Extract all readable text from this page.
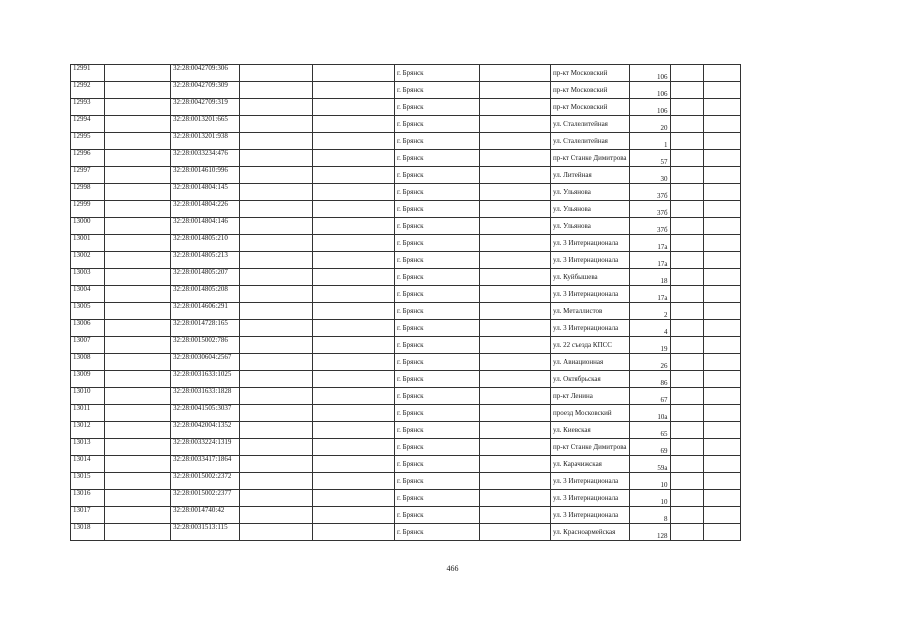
12991		32:28:0042709:306			г. Брянск		пр-кт Московский	106		
12992		32:28:0042709:309			г. Брянск		пр-кт Московский	106		
12993		32:28:0042709:319			г. Брянск		пр-кт Московский	106		
12994		32:28:0013201:665			г. Брянск		ул. Сталелитейная	20		
12995		32:28:0013201:938			г. Брянск		ул. Сталелитейная	1		
12996		32:28:0033234:476			г. Брянск		пр-кт Станке Димитрова	57		
12997		32:28:0014610:996			г. Брянск		ул. Литейная	30		
12998		32:28:0014804:145			г. Брянск		ул. Ульянова	37б		
12999		32:28:0014804:226			г. Брянск		ул. Ульянова	37б		
13000		32:28:0014804:146			г. Брянск		ул. Ульянова	37б		
13001		32:28:0014805:210			г. Брянск		ул. 3 Интернационала	17а		
13002		32:28:0014805:213			г. Брянск		ул. 3 Интернационала	17а		
13003		32:28:0014805:207			г. Брянск		ул. Куйбышева	18		
13004		32:28:0014805:208			г. Брянск		ул. 3 Интернационала	17а		
13005		32:28:0014606:291			г. Брянск		ул. Металлистов	2		
13006		32:28:0014728:165			г. Брянск		ул. 3 Интернационала	4		
13007		32:28:0015002:786			г. Брянск		ул. 22 съезда КПСС	19		
13008		32:28:0030604:2567			г. Брянск		ул. Авиационная	26		
13009		32:28:0031633:1025			г. Брянск		ул. Октябрьская	86		
13010		32:28:0031633:1828			г. Брянск		пр-кт Ленина	67		
13011		32:28:0041505:3037			г. Брянск		проезд Московский	10а		
13012		32:28:0042004:1352			г. Брянск		ул. Киевская	65		
13013		32:28:0033224:1319			г. Брянск		пр-кт Станке Димитрова	69		
13014		32:28:0033417:1864			г. Брянск		ул. Карачижская	59а		
13015		32:28:0015002:2372			г. Брянск		ул. 3 Интернационала	10		
13016		32:28:0015002:2377			г. Брянск		ул. 3 Интернационала	10		
13017		32:28:0014740:42			г. Брянск		ул. 3 Интернационала	8		
13018		32:28:0031513:115			г. Брянск		ул. Красноармейская	128		
466
